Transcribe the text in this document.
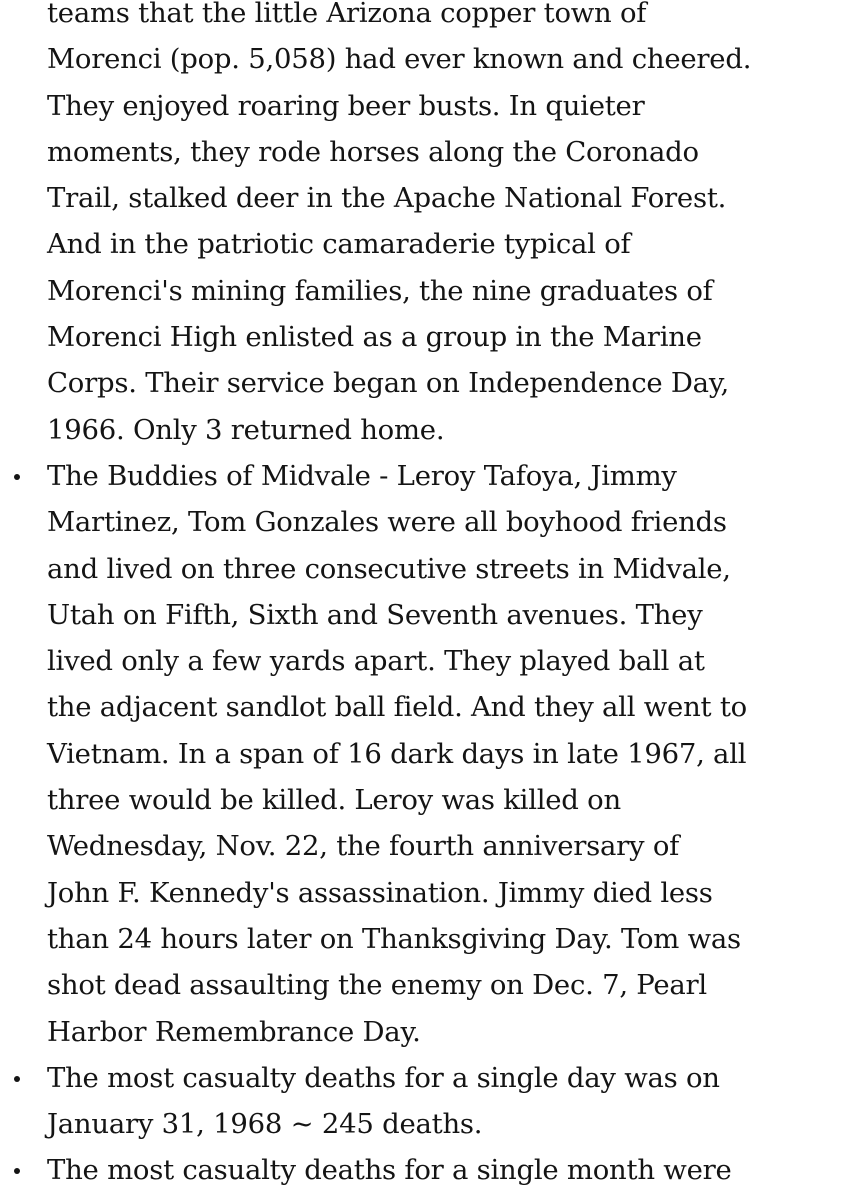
teams that the little Arizona copper town of
Morenci (pop. 5,058) had ever known and cheered.
They enjoyed roaring beer busts. In quieter
moments, they rode horses along the Coronado
Trail, stalked deer in the Apache National Forest.
And in the patriotic camaraderie typical of
Morenci's mining families, the nine graduates of
Morenci High enlisted as a group in the Marine
Corps. Their service began on Independence Day,
1966. Only 3 returned home.
The Buddies of Midvale - Leroy Tafoya, Jimmy
Martinez, Tom Gonzales were all boyhood friends
and lived on three consecutive streets in Midvale,
Utah on Fifth, Sixth and Seventh avenues. They
lived only a few yards apart. They played ball at
the adjacent sandlot ball field. And they all went to
Vietnam. In a span of 16 dark days in late 1967, all
three would be killed. Leroy was killed on
Wednesday, Nov. 22, the fourth anniversary of
John F. Kennedy's assassination. Jimmy died less
than 24 hours later on Thanksgiving Day. Tom was
shot dead assaulting the enemy on Dec. 7, Pearl
Harbor Remembrance Day.
The most casualty deaths for a single day was on
January 31, 1968 ~ 245 deaths.
The most casualty deaths for a single month were
